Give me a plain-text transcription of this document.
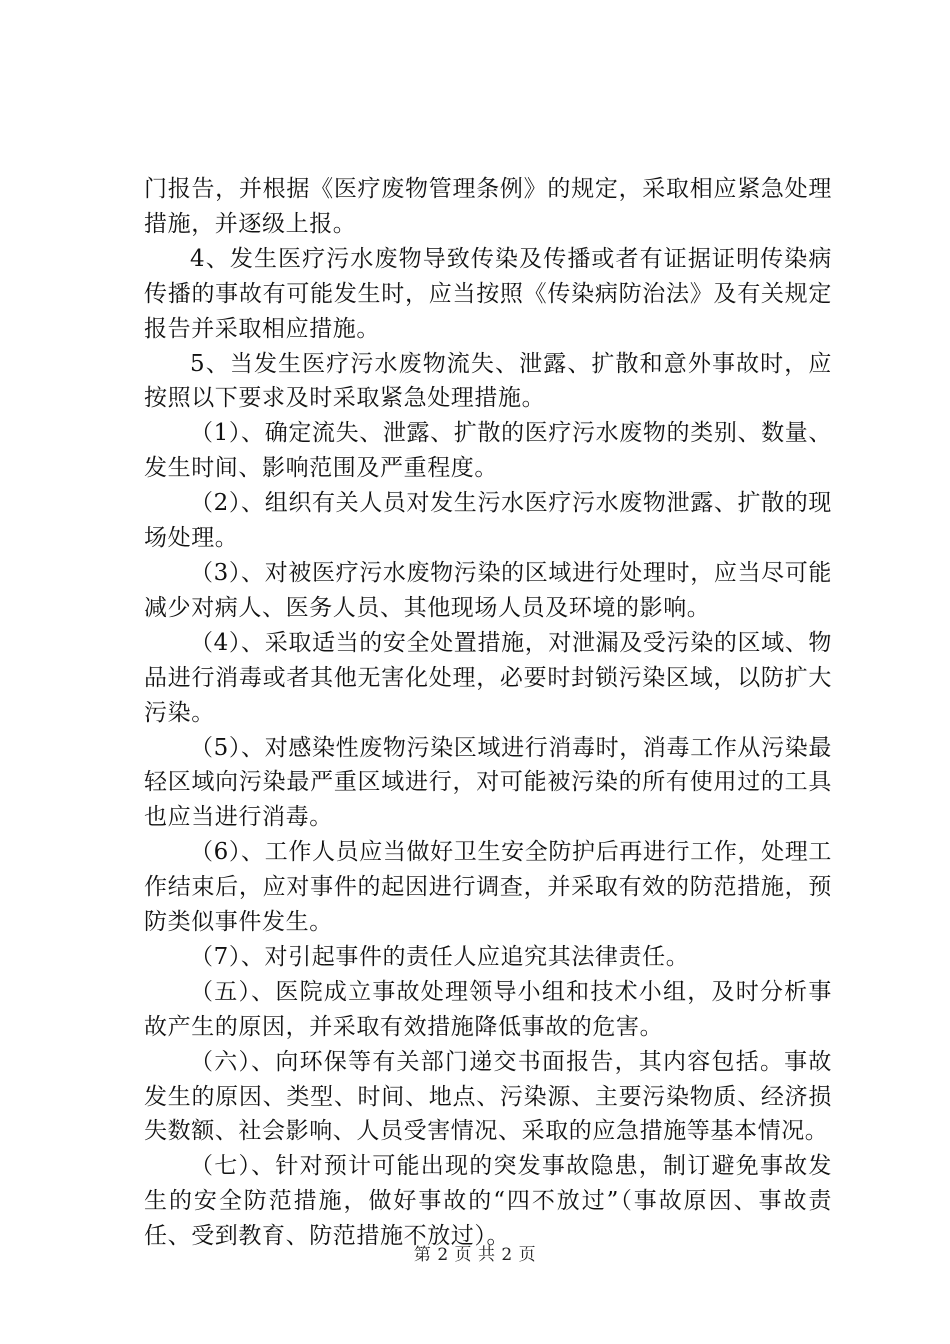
门报告，并根据《医疗废物管理条例》的规定，采取相应紧急处理措施，并逐级上报。

4、发生医疗污水废物导致传染及传播或者有证据证明传染病传播的事故有可能发生时，应当按照《传染病防治法》及有关规定报告并采取相应措施。

5、当发生医疗污水废物流失、泄露、扩散和意外事故时，应按照以下要求及时采取紧急处理措施。

（1）、确定流失、泄露、扩散的医疗污水废物的类别、数量、发生时间、影响范围及严重程度。

（2）、组织有关人员对发生污水医疗污水废物泄露、扩散的现场处理。

（3）、对被医疗污水废物污染的区域进行处理时，应当尽可能减少对病人、医务人员、其他现场人员及环境的影响。

（4）、采取适当的安全处置措施，对泄漏及受污染的区域、物品进行消毒或者其他无害化处理，必要时封锁污染区域，以防扩大污染。

（5）、对感染性废物污染区域进行消毒时，消毒工作从污染最轻区域向污染最严重区域进行，对可能被污染的所有使用过的工具也应当进行消毒。

（6）、工作人员应当做好卫生安全防护后再进行工作，处理工作结束后，应对事件的起因进行调查，并采取有效的防范措施，预防类似事件发生。

（7）、对引起事件的责任人应追究其法律责任。

（五）、医院成立事故处理领导小组和技术小组，及时分析事故产生的原因，并采取有效措施降低事故的危害。

（六）、向环保等有关部门递交书面报告，其内容包括。事故发生的原因、类型、时间、地点、污染源、主要污染物质、经济损失数额、社会影响、人员受害情况、采取的应急措施等基本情况。

（七）、针对预计可能出现的突发事故隐患，制订避免事故发生的安全防范措施，做好事故的“四不放过”（事故原因、事故责任、受到教育、防范措施不放过）。

第 2 页 共 2 页
